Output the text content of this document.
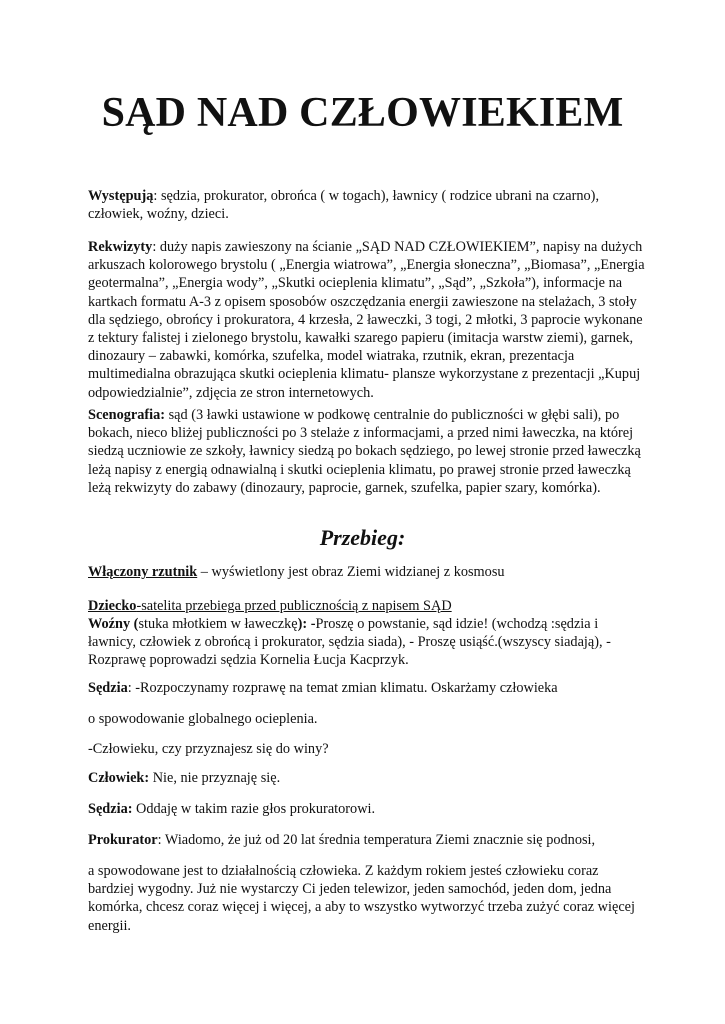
SĄD NAD CZŁOWIEKIEM
Występują: sędzia, prokurator, obrońca ( w togach), ławnicy ( rodzice ubrani na czarno), człowiek, woźny, dzieci.
Rekwizyty: duży napis zawieszony na ścianie „SĄD NAD CZŁOWIEKIEM”, napisy na dużych arkuszach kolorowego brystolu ( „Energia wiatrowa”, „Energia słoneczna”, „Biomasa”, „Energia geotermalna”, „Energia wody”, „Skutki ocieplenia klimatu”, „Sąd”, „Szkoła”), informacje na kartkach formatu A-3 z opisem sposobów oszczędzania energii zawieszone na stelażach, 3 stoły dla sędziego, obrońcy i prokuratora, 4 krzesła, 2 ławeczki, 3 togi, 2 młotki, 3 paprocie wykonane z tektury falistej i zielonego brystolu, kawałki szarego papieru (imitacja warstw ziemi), garnek, dinozaury – zabawki, komórka, szufelka, model wiatraka, rzutnik, ekran, prezentacja multimedialna obrazująca skutki ocieplenia klimatu- plansze wykorzystane z prezentacji „Kupuj odpowiedzialnie”, zdjęcia ze stron internetowych.
Scenografia: sąd (3 ławki ustawione w podkowę centralnie do publiczności w głębi sali), po bokach, nieco bliżej publiczności po 3 stelaże z informacjami, a przed nimi ławeczka, na której siedzą uczniowie ze szkoły, ławnicy siedzą po bokach sędziego, po lewej stronie przed ławeczką leżą napisy z energią odnawialną i skutki ocieplenia klimatu, po prawej stronie przed ławeczką leżą rekwizyty do zabawy (dinozaury, paprocie, garnek, szufelka, papier szary, komórka).
Przebieg:
Włączony rzutnik – wyświetlony jest obraz Ziemi widzianej z kosmosu
Dziecko-satelita przebiega przed publicznością z napisem SĄD
Woźny (stuka młotkiem w ławeczkę): -Proszę o powstanie, sąd idzie! (wchodzą :sędzia i ławnicy, człowiek z obrońcą i prokurator, sędzia siada), - Proszę usiąść.(wszyscy siadają), -Rozprawę poprowadzi sędzia Kornelia Łucja Kacprzyk.
Sędzia: -Rozpoczynamy rozprawę na temat zmian klimatu. Oskarżamy człowieka
o spowodowanie globalnego ocieplenia.
-Człowieku, czy przyznajesz się do winy?
Człowiek: Nie, nie przyznaję się.
Sędzia: Oddaję w takim razie głos prokuratorowi.
Prokurator: Wiadomo, że już od 20 lat średnia temperatura Ziemi znacznie się podnosi,
a spowodowane jest to działalnością człowieka. Z każdym rokiem jesteś człowieku coraz bardziej wygodny. Już nie wystarczy Ci jeden telewizor, jeden samochód, jeden dom, jedna komórka, chcesz coraz więcej i więcej, a aby to wszystko wytworzyć trzeba zużyć coraz więcej energii.
